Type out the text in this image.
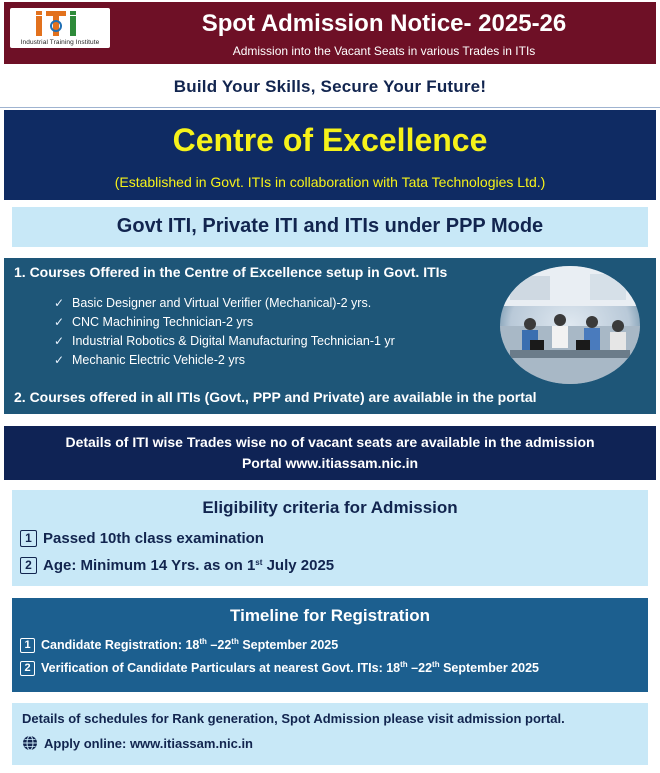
Industrial Training Institute
Spot Admission Notice- 2025-26
Admission into the Vacant Seats in various Trades in ITIs
Build Your Skills, Secure Your Future!
Centre of Excellence
(Established in Govt. ITIs in collaboration with Tata Technologies Ltd.)
Govt ITI, Private ITI and ITIs under PPP Mode
1. Courses Offered in the Centre of Excellence setup in Govt. ITIs
✓ Basic Designer and Virtual Verifier (Mechanical)-2 yrs.
✓ CNC Machining Technician-2 yrs
✓ Industrial Robotics & Digital Manufacturing Technician-1 yr
✓ Mechanic Electric Vehicle-2 yrs
2. Courses offered in all ITIs (Govt., PPP and Private) are available in the portal
Details of ITI wise Trades wise no of vacant seats are available in the admission
Portal www.itiassam.nic.in
Eligibility criteria for Admission
1 Passed 10th class examination
2 Age: Minimum 14 Yrs. as on 1st July 2025
Timeline for Registration
1 Candidate Registration: 18th –22th September 2025
2 Verification of Candidate Particulars at nearest Govt. ITIs: 18th –22th September 2025
Details of schedules for Rank generation, Spot Admission please visit admission portal.
Apply online: www.itiassam.nic.in
